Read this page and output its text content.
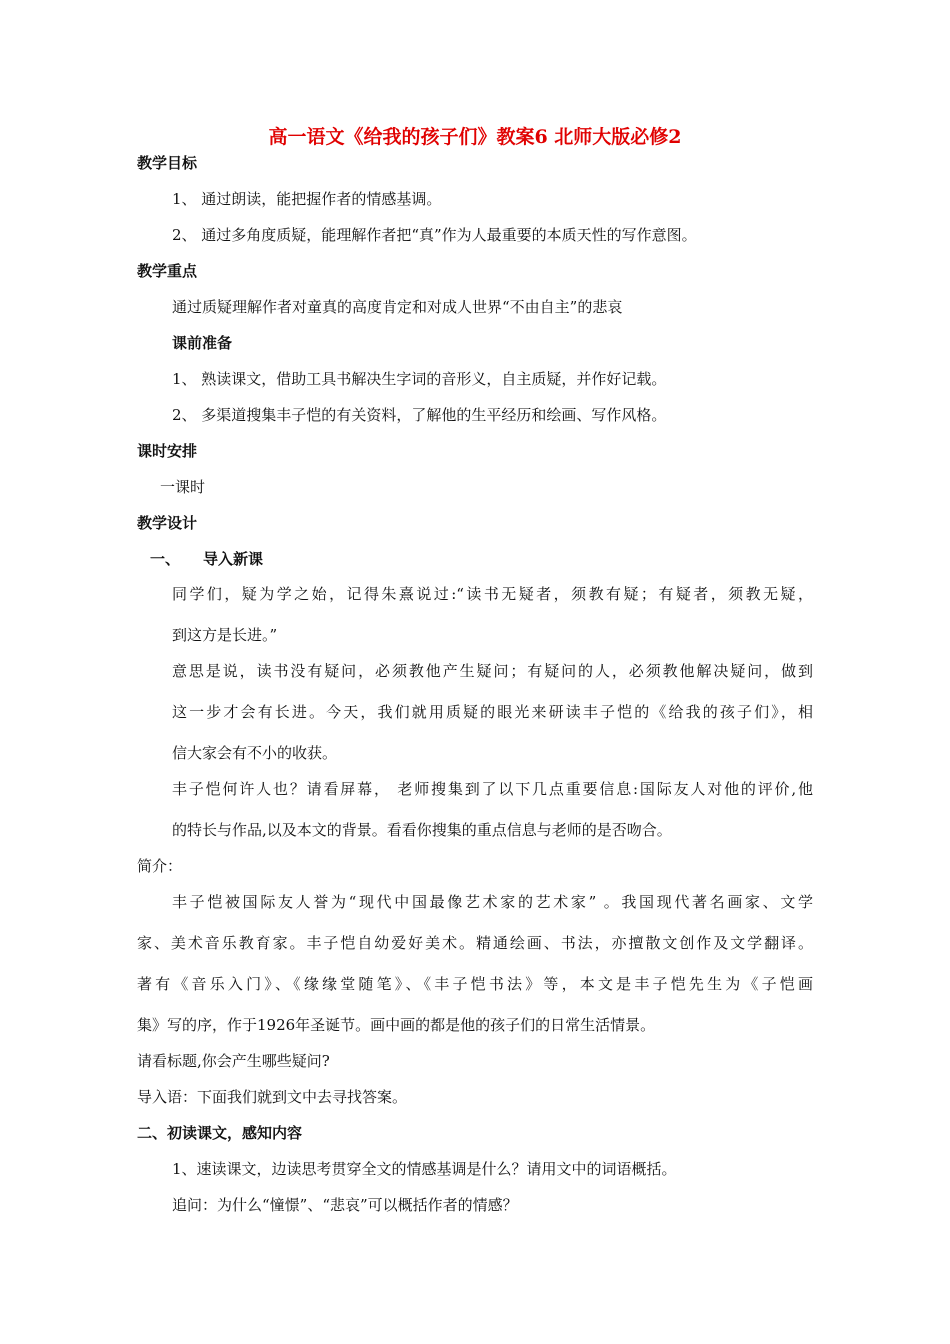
高一语文《给我的孩子们》教案6 北师大版必修2
教学目标
1、 通过朗读，能把握作者的情感基调。
2、 通过多角度质疑，能理解作者把“真”作为人最重要的本质天性的写作意图。
教学重点
通过质疑理解作者对童真的高度肯定和对成人世界“不由自主”的悲哀
课前准备
1、 熟读课文，借助工具书解决生字词的音形义，自主质疑，并作好记载。
2、 多渠道搜集丰子恺的有关资料，了解他的生平经历和绘画、写作风格。
课时安排
一课时
教学设计
一、 导入新课
同学们，疑为学之始，记得朱熹说过:“读书无疑者，须教有疑；有疑者，须教无疑，
到这方是长进。”
意思是说，读书没有疑问，必须教他产生疑问；有疑问的人，必须教他解决疑问，做到
这一步才会有长进。今天，我们就用质疑的眼光来研读丰子恺的《给我的孩子们》，相
信大家会有不小的收获。
丰子恺何许人也？请看屏幕， 老师搜集到了以下几点重要信息:国际友人对他的评价,他
的特长与作品,以及本文的背景。看看你搜集的重点信息与老师的是否吻合。
简介：
丰子恺被国际友人誉为“现代中国最像艺术家的艺术家” 。我国现代著名画家、文学
家、美术音乐教育家。丰子恺自幼爱好美术。精通绘画、书法，亦擅散文创作及文学翻译。
著有《音乐入门》、《缘缘堂随笔》、《丰子恺书法》等，本文是丰子恺先生为《子恺画
集》写的序，作于1926年圣诞节。画中画的都是他的孩子们的日常生活情景。
请看标题,你会产生哪些疑问?
导入语：下面我们就到文中去寻找答案。
二、初读课文，感知内容
1、速读课文，边读思考贯穿全文的情感基调是什么？请用文中的词语概括。
追问：为什么“憧憬”、“悲哀”可以概括作者的情感？
